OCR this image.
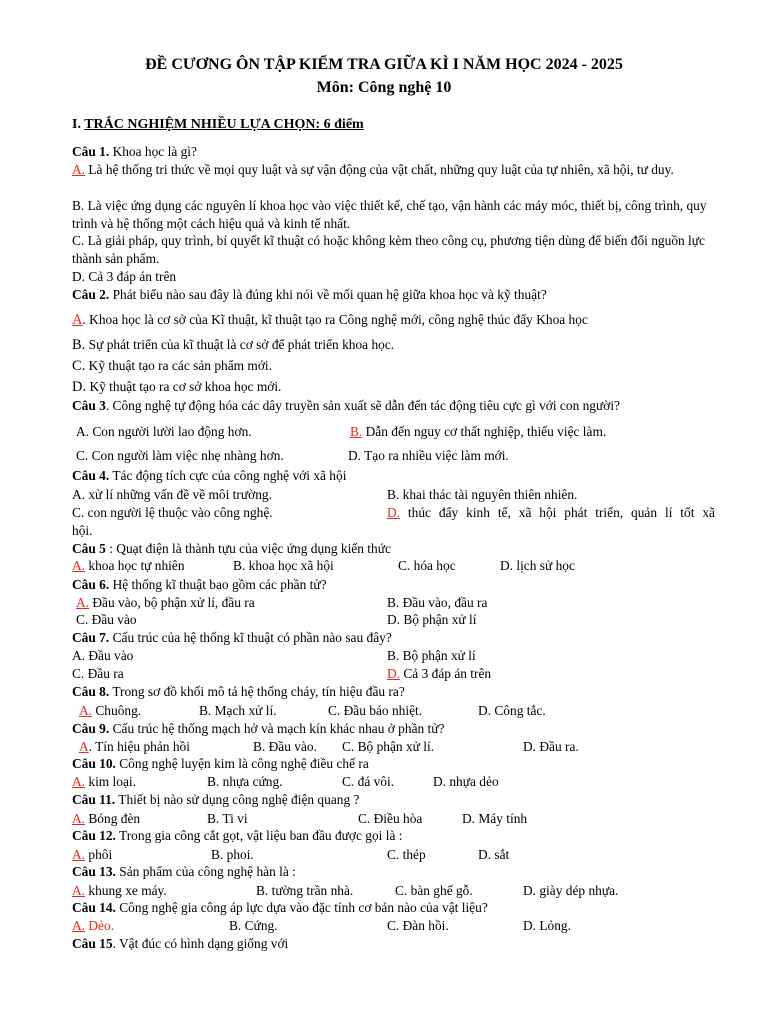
ĐỀ CƯƠNG ÔN TẬP KIỂM TRA GIỮA KÌ I NĂM HỌC 2024 - 2025
Môn: Công nghệ 10
I. TRẮC NGHIỆM NHIỀU LỰA CHỌN: 6 điểm
Câu 1. Khoa học là gì?
A. Là hệ thống tri thức về mọi quy luật và sự vận động của vật chất, những quy luật của tự nhiên, xã hội, tư duy.
B. Là việc ứng dụng các nguyên lí khoa học vào việc thiết kế, chế tạo, vận hành các máy móc, thiết bị, công trình, quy trình và hệ thống một cách hiệu quả và kinh tế nhất.
C. Là giải pháp, quy trình, bí quyết kĩ thuật có hoặc không kèm theo công cụ, phương tiện dùng để biến đổi nguồn lực thành sản phẩm.
D. Cả 3 đáp án trên
Câu 2. Phát biểu nào sau đây là đúng khi nói về mối quan hệ giữa khoa học và kỹ thuật?
A. Khoa học là cơ sở của Kĩ thuật, kĩ thuật tạo ra Công nghệ mới, công nghệ thúc đẩy Khoa học
B. Sự phát triển của kĩ thuật là cơ sở để phát triển khoa học.
C. Kỹ thuật tạo ra các sản phẩm mới.
D. Kỹ thuật tạo ra cơ sở khoa học mới.
Câu 3. Công nghệ tự động hóa các dây truyền sản xuất sẽ dẫn đến tác động tiêu cực gì với con người?
A. Con người lười lao động hơn.	B. Dẫn đến nguy cơ thất nghiệp, thiếu việc làm.
C. Con người làm việc nhẹ nhàng hơn.	D. Tạo ra nhiều việc làm mới.
Câu 4. Tác động tích cực của công nghệ với xã hội
A. xử lí những vấn đề về môi trường.	B. khai thác tài nguyên thiên nhiên.
C. con người lệ thuộc vào công nghệ.	D. thúc đẩy kinh tế, xã hội phát triển, quản lí tốt xã
hội.
Câu 5 : Quạt điện là thành tựu của việc ứng dụng kiến thức
A. khoa học tự nhiên	B. khoa học xã hội	C. hóa học	D. lịch sử học
Câu 6. Hệ thống kĩ thuật bao gồm các phần tử?
A. Đầu vào, bộ phận xử lí, đầu ra	B. Đầu vào, đầu ra
C. Đầu vào	D. Bộ phận xử lí
Câu 7. Cấu trúc của hệ thống kĩ thuật có phần nào sau đây?
A. Đầu vào	B. Bộ phận xử lí
C. Đầu ra	D. Cả 3 đáp án trên
Câu 8. Trong sơ đồ khối mô tả hệ thống cháy, tín hiệu đầu ra?
A. Chuông.	B. Mạch xử lí.	C. Đầu báo nhiệt.	D. Công tắc.
Câu 9. Cấu trúc hệ thống mạch hở và mạch kín khác nhau ở phần tử?
A. Tín hiệu phản hồi	B. Đầu vào. C. Bộ phận xử lí.	D. Đầu ra.
Câu 10. Công nghệ luyện kim là công nghệ điều chế ra
A. kim loại.	B. nhựa cứng.	C. đá vôi.	D. nhựa dẻo
Câu 11. Thiết bị nào sử dụng công nghệ điện quang ?
A. Bóng đèn	B. Ti vi	C. Điều hòa	D. Máy tính
Câu 12. Trong gia công cắt gọt, vật liệu ban đầu được gọi là :
A. phôi	B. phoi.	C. thép	D. sắt
Câu 13. Sản phẩm của công nghệ hàn là :
A. khung xe máy.	B. tường trần nhà.	C. bàn ghế gỗ.	D. giày dép nhựa.
Câu 14. Công nghệ gia công áp lực dựa vào đặc tính cơ bản nào của vật liệu?
A. Dẻo.	B. Cứng.	C. Đàn hồi.	D. Lỏng.
Câu 15. Vật đúc có hình dạng giống với
